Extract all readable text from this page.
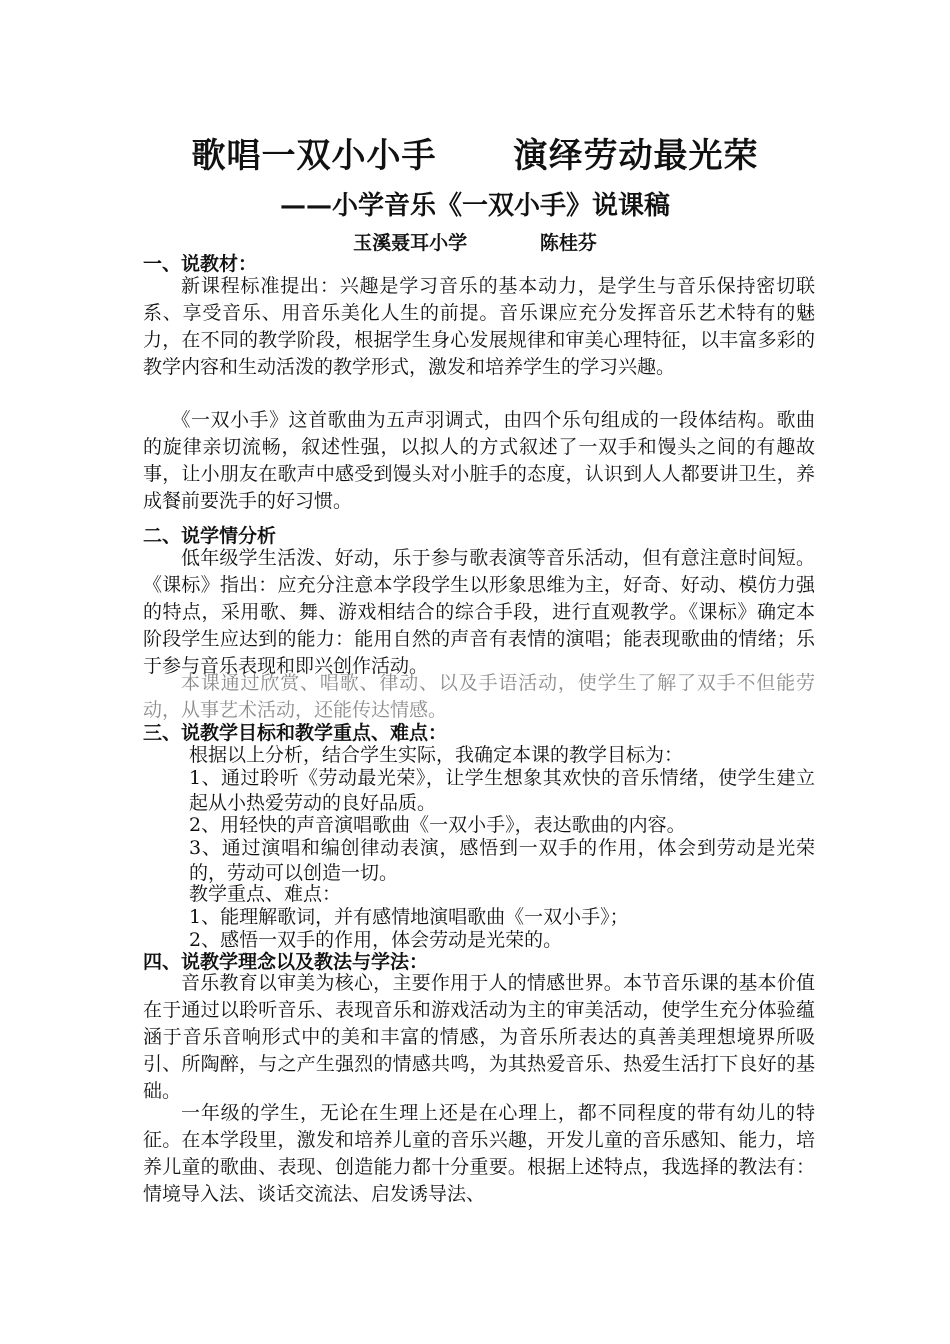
歌唱一双小小手      演绎劳动最光荣
——小学音乐《一双小手》说课稿
玉溪聂耳小学           陈桂芬
一、说教材：

新课程标准提出：兴趣是学习音乐的基本动力，是学生与音乐保持密切联系、享受音乐、用音乐美化人生的前提。音乐课应充分发挥音乐艺术特有的魅力，在不同的教学阶段，根据学生身心发展规律和审美心理特征，以丰富多彩的教学内容和生动活泼的教学形式，激发和培养学生的学习兴趣。

《一双小手》这首歌曲为五声羽调式，由四个乐句组成的一段体结构。歌曲的旋律亲切流畅，叙述性强，以拟人的方式叙述了一双手和馒头之间的有趣故事，让小朋友在歌声中感受到馒头对小脏手的态度，认识到人人都要讲卫生，养成餐前要洗手的好习惯。

二、说学情分析

低年级学生活泼、好动，乐于参与歌表演等音乐活动，但有意注意时间短。《课标》指出：应充分注意本学段学生以形象思维为主，好奇、好动、模仿力强的特点，采用歌、舞、游戏相结合的综合手段，进行直观教学。《课标》确定本阶段学生应达到的能力：能用自然的声音有表情的演唱；能表现歌曲的情绪；乐于参与音乐表现和即兴创作活动。

本课通过欣赏、唱歌、律动、以及手语活动，使学生了解了双手不但能劳动，从事艺术活动，还能传达情感。

三、说教学目标和教学重点、难点：

根据以上分析，结合学生实际，我确定本课的教学目标为：

1、通过聆听《劳动最光荣》，让学生想象其欢快的音乐情绪，使学生建立起从小热爱劳动的良好品质。

2、用轻快的声音演唱歌曲《一双小手》，表达歌曲的内容。

3、通过演唱和编创律动表演，感悟到一双手的作用，体会到劳动是光荣的，劳动可以创造一切。

教学重点、难点：

1、能理解歌词，并有感情地演唱歌曲《一双小手》；

2、感悟一双手的作用，体会劳动是光荣的。

四、说教学理念以及教法与学法：

音乐教育以审美为核心，主要作用于人的情感世界。本节音乐课的基本价值在于通过以聆听音乐、表现音乐和游戏活动为主的审美活动，使学生充分体验蕴涵于音乐音响形式中的美和丰富的情感，为音乐所表达的真善美理想境界所吸引、所陶醉，与之产生强烈的情感共鸣，为其热爱音乐、热爱生活打下良好的基础。

一年级的学生，无论在生理上还是在心理上，都不同程度的带有幼儿的特征。在本学段里，激发和培养儿童的音乐兴趣，开发儿童的音乐感知、能力，培养儿童的歌曲、表现、创造能力都十分重要。根据上述特点，我选择的教法有：情境导入法、谈话交流法、启发诱导法、
